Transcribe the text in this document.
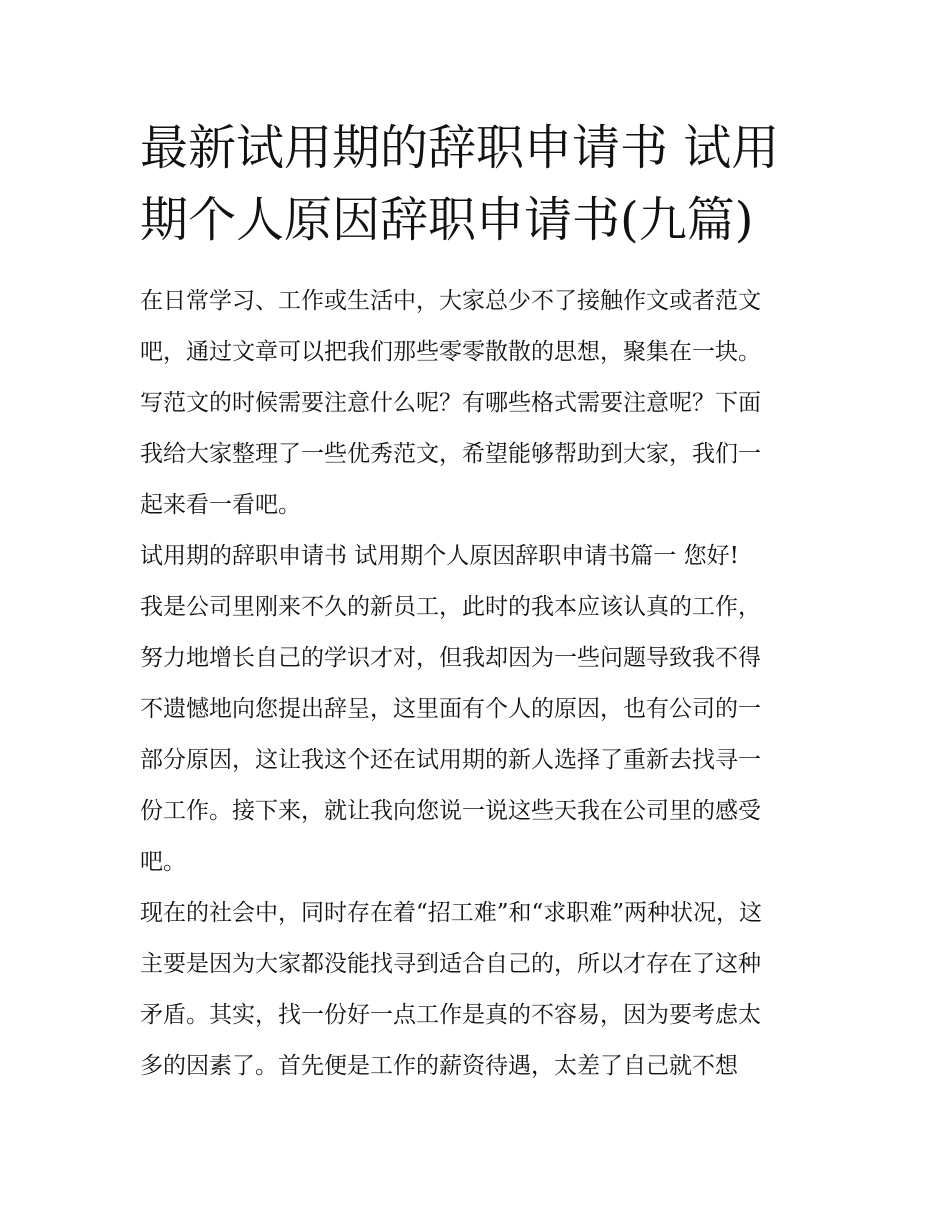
最新试用期的辞职申请书 试用
期个人原因辞职申请书(九篇)
在日常学习、工作或生活中，大家总少不了接触作文或者范文
吧，通过文章可以把我们那些零零散散的思想，聚集在一块。
写范文的时候需要注意什么呢？有哪些格式需要注意呢？下面
我给大家整理了一些优秀范文，希望能够帮助到大家，我们一
起来看一看吧。
试用期的辞职申请书 试用期个人原因辞职申请书篇一 您好!
我是公司里刚来不久的新员工，此时的我本应该认真的工作，
努力地增长自己的学识才对，但我却因为一些问题导致我不得
不遗憾地向您提出辞呈，这里面有个人的原因，也有公司的一
部分原因，这让我这个还在试用期的新人选择了重新去找寻一
份工作。接下来，就让我向您说一说这些天我在公司里的感受
吧。
现在的社会中，同时存在着“招工难”和“求职难”两种状况，这
主要是因为大家都没能找寻到适合自己的，所以才存在了这种
矛盾。其实，找一份好一点工作是真的不容易，因为要考虑太
多的因素了。首先便是工作的薪资待遇，太差了自己就不想
